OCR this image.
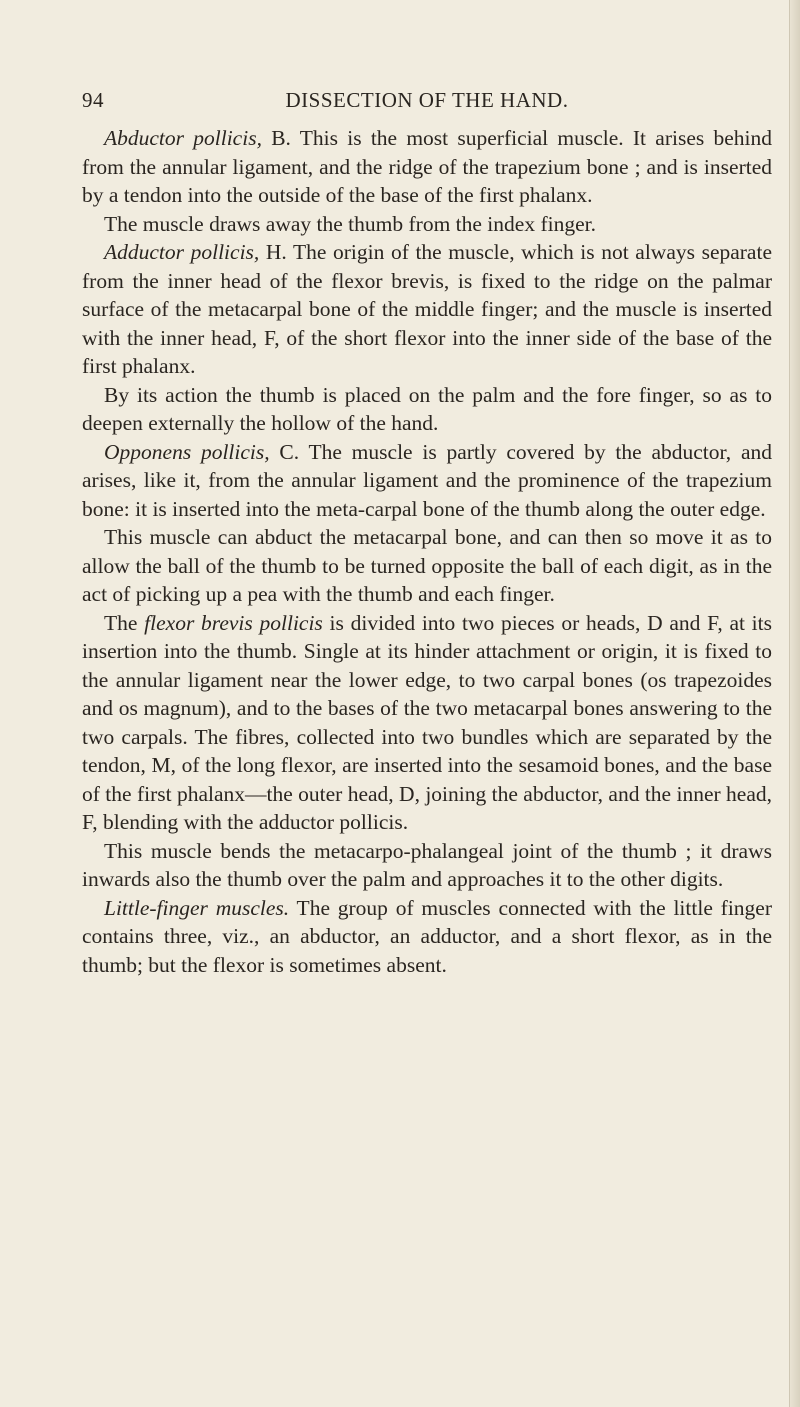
94	DISSECTION OF THE HAND.

Abductor pollicis, B. This is the most superficial muscle. It arises behind from the annular ligament, and the ridge of the trapezium bone ; and is inserted by a tendon into the outside of the base of the first phalanx.

The muscle draws away the thumb from the index finger.

Adductor pollicis, H. The origin of the muscle, which is not always separate from the inner head of the flexor brevis, is fixed to the ridge on the palmar surface of the metacarpal bone of the middle finger; and the muscle is inserted with the inner head, F, of the short flexor into the inner side of the base of the first phalanx.

By its action the thumb is placed on the palm and the fore finger, so as to deepen externally the hollow of the hand.

Opponens pollicis, C. The muscle is partly covered by the abductor, and arises, like it, from the annular ligament and the prominence of the trapezium bone: it is inserted into the meta-carpal bone of the thumb along the outer edge.

This muscle can abduct the metacarpal bone, and can then so move it as to allow the ball of the thumb to be turned opposite the ball of each digit, as in the act of picking up a pea with the thumb and each finger.

The flexor brevis pollicis is divided into two pieces or heads, D and F, at its insertion into the thumb. Single at its hinder attachment or origin, it is fixed to the annular ligament near the lower edge, to two carpal bones (os trapezoides and os magnum), and to the bases of the two metacarpal bones answering to the two carpals. The fibres, collected into two bundles which are separated by the tendon, M, of the long flexor, are inserted into the sesamoid bones, and the base of the first phalanx—the outer head, D, joining the abductor, and the inner head, F, blending with the adductor pollicis.

This muscle bends the metacarpo-phalangeal joint of the thumb ; it draws inwards also the thumb over the palm and approaches it to the other digits.

Little-finger muscles. The group of muscles connected with the little finger contains three, viz., an abductor, an adductor, and a short flexor, as in the thumb; but the flexor is sometimes absent.
